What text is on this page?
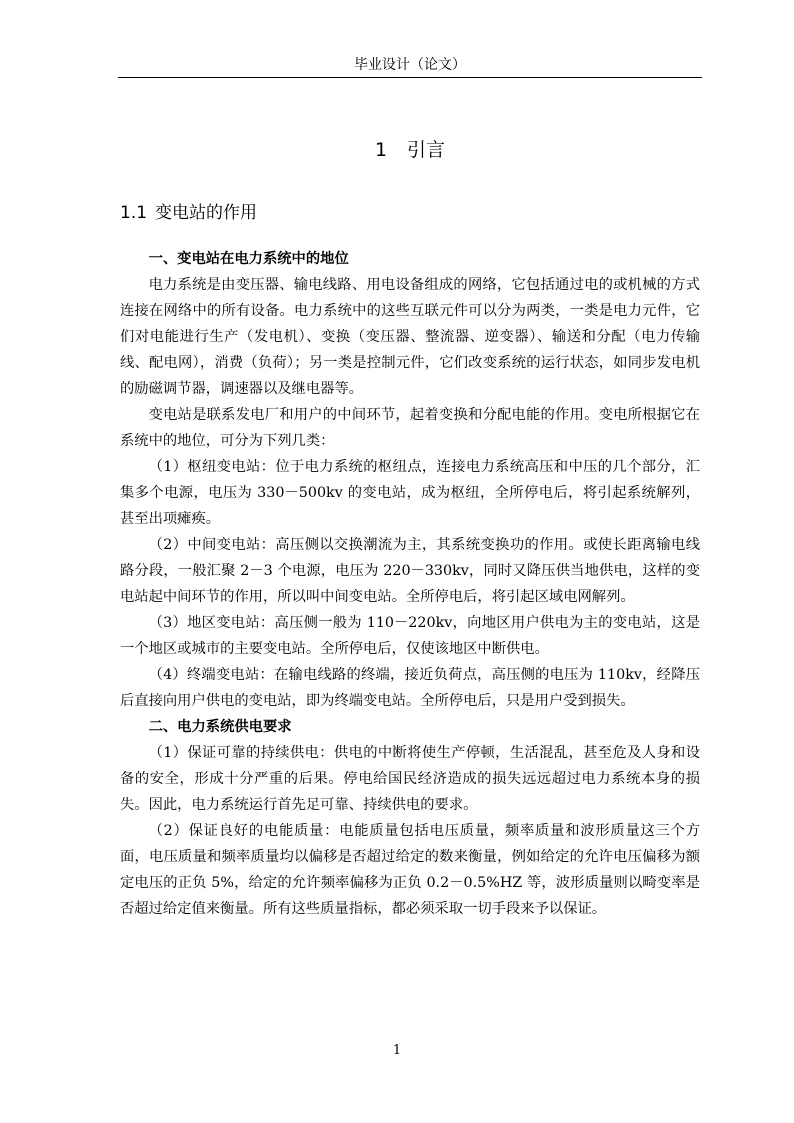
毕业设计（论文）
1 引言
1.1 变电站的作用

一、变电站在电力系统中的地位

电力系统是由变压器、输电线路、用电设备组成的网络，它包括通过电的或机械的方式连接在网络中的所有设备。电力系统中的这些互联元件可以分为两类，一类是电力元件，它们对电能进行生产（发电机）、变换（变压器、整流器、逆变器）、输送和分配（电力传输线、配电网），消费（负荷）；另一类是控制元件，它们改变系统的运行状态，如同步发电机的励磁调节器，调速器以及继电器等。

变电站是联系发电厂和用户的中间环节，起着变换和分配电能的作用。变电所根据它在系统中的地位，可分为下列几类：

（1）枢纽变电站：位于电力系统的枢纽点，连接电力系统高压和中压的几个部分，汇集多个电源，电压为 330－500kv 的变电站，成为枢纽，全所停电后，将引起系统解列，甚至出项瘫痪。

（2）中间变电站：高压侧以交换潮流为主，其系统变换功的作用。或使长距离输电线路分段，一般汇聚 2－3 个电源，电压为 220－330kv，同时又降压供当地供电，这样的变电站起中间环节的作用，所以叫中间变电站。全所停电后，将引起区域电网解列。

（3）地区变电站：高压侧一般为 110－220kv，向地区用户供电为主的变电站，这是一个地区或城市的主要变电站。全所停电后，仅使该地区中断供电。

（4）终端变电站：在输电线路的终端，接近负荷点，高压侧的电压为 110kv，经降压后直接向用户供电的变电站，即为终端变电站。全所停电后，只是用户受到损失。

二、电力系统供电要求

（1）保证可靠的持续供电：供电的中断将使生产停顿，生活混乱，甚至危及人身和设备的安全，形成十分严重的后果。停电给国民经济造成的损失远远超过电力系统本身的损失。因此，电力系统运行首先足可靠、持续供电的要求。

（2）保证良好的电能质量：电能质量包括电压质量，频率质量和波形质量这三个方面，电压质量和频率质量均以偏移是否超过给定的数来衡量，例如给定的允许电压偏移为额定电压的正负 5%，给定的允许频率偏移为正负 0.2－0.5%HZ 等，波形质量则以畸变率是否超过给定值来衡量。所有这些质量指标，都必须采取一切手段来予以保证。

1
